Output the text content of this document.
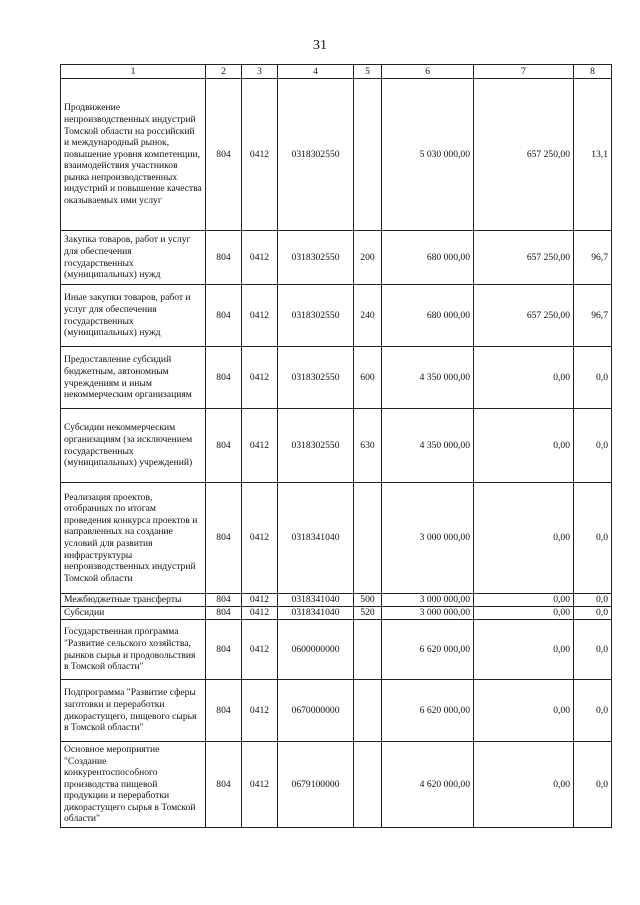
31
1	2	3	4	5	6	7	8
Продвижение непроизводственных индустрий Томской области на российский и международный рынок, повышение уровня компетенции, взаимодействия участников рынка непроизводственных индустрий и повышение качества оказываемых ими услуг	804	0412	0318302550		5 030 000,00	657 250,00	13,1
Закупка товаров, работ и услуг для обеспечения государственных (муниципальных) нужд	804	0412	0318302550	200	680 000,00	657 250,00	96,7
Иные закупки товаров, работ и услуг для обеспечения государственных (муниципальных) нужд	804	0412	0318302550	240	680 000,00	657 250,00	96,7
Предоставление субсидий бюджетным, автономным учреждениям и иным некоммерческим организациям	804	0412	0318302550	600	4 350 000,00	0,00	0,0
Субсидии некоммерческим организациям (за исключением государственных (муниципальных) учреждений)	804	0412	0318302550	630	4 350 000,00	0,00	0,0
Реализация проектов, отобранных по итогам проведения конкурса проектов и направленных на создание условий для развития инфраструктуры непроизводственных индустрий Томской области	804	0412	0318341040		3 000 000,00	0,00	0,0
Межбюджетные трансферты	804	0412	0318341040	500	3 000 000,00	0,00	0,0
Субсидии	804	0412	0318341040	520	3 000 000,00	0,00	0,0
Государственная программа "Развитие сельского хозяйства, рынков сырья и продовольствия в Томской области"	804	0412	0600000000		6 620 000,00	0,00	0,0
Подпрограмма "Развитие сферы заготовки и переработки дикорастущего, пищевого сырья в Томской области"	804	0412	0670000000		6 620 000,00	0,00	0,0
Основное мероприятие "Создание конкурентоспособного производства пищевой продукции и переработки дикорастущего сырья в Томской области"	804	0412	0679100000		4 620 000,00	0,00	0,0
